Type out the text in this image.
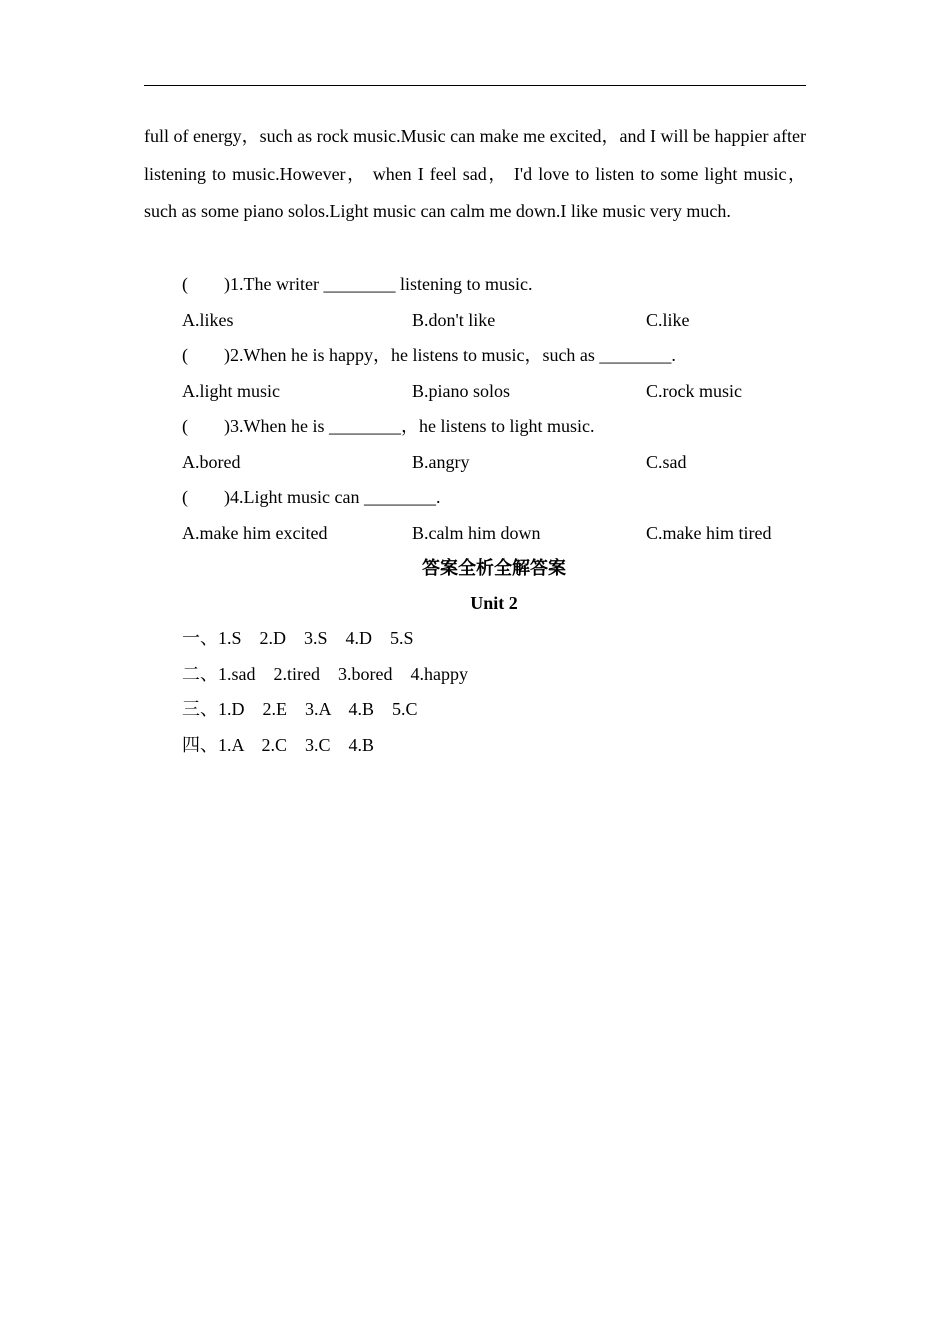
full of energy，such as rock music.Music can make me excited，and I will be happier after listening to music.However， when I feel sad， I'd love to listen to some light music， such as some piano solos.Light music can calm me down.I like music very much.

(        )1.The writer ________ listening to music.
A.likes	B.don't like	C.like
(        )2.When he is happy，he listens to music，such as ________.
A.light music	B.piano solos	C.rock music
(        )3.When he is ________，he listens to light music.
A.bored	B.angry	C.sad
(        )4.Light music can ________.
A.make him excited	B.calm him down	C.make him tired
答案全析全解答案
Unit 2
一、1.S　2.D　3.S　4.D　5.S
二、1.sad　2.tired　3.bored　4.happy
三、1.D　2.E　3.A　4.B　5.C
四、1.A　2.C　3.C　4.B
